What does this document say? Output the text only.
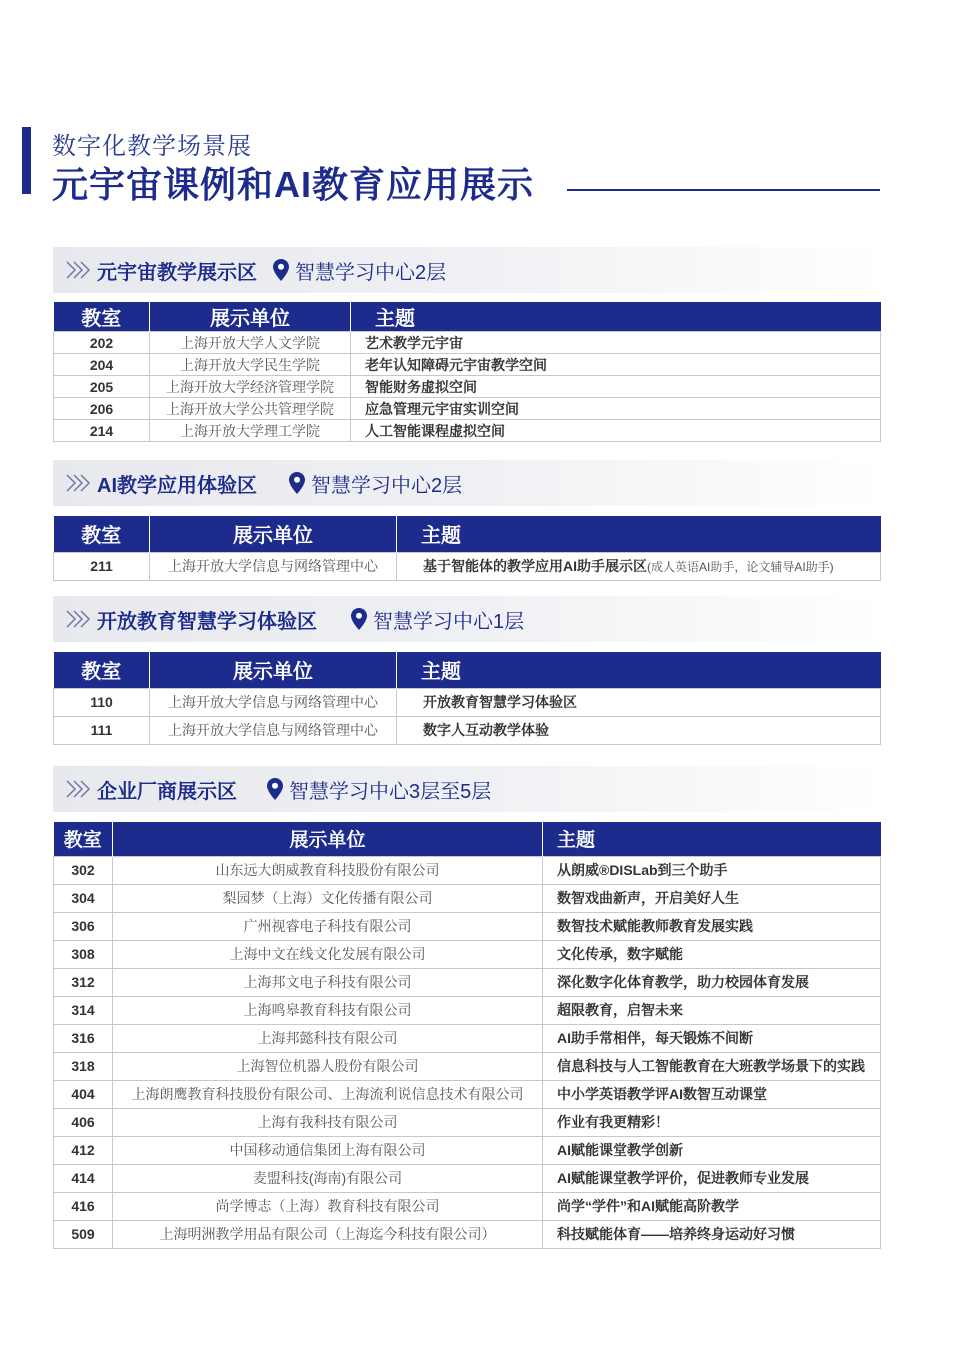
数字化教学场景展
元宇宙课例和AI教育应用展示
元宇宙教学展示区 智慧学习中心2层
教室	展示单位	主题
202	上海开放大学人文学院	艺术教学元宇宙
204	上海开放大学民生学院	老年认知障碍元宇宙教学空间
205	上海开放大学经济管理学院	智能财务虚拟空间
206	上海开放大学公共管理学院	应急管理元宇宙实训空间
214	上海开放大学理工学院	人工智能课程虚拟空间
AI教学应用体验区	智慧学习中心2层
教室	展示单位	主题
211	上海开放大学信息与网络管理中心	基于智能体的教学应用AI助手展示区(成人英语AI助手，论文辅导AI助手)
开放教育智慧学习体验区	智慧学习中心1层
教室	展示单位	主题
110	上海开放大学信息与网络管理中心	开放教育智慧学习体验区
111	上海开放大学信息与网络管理中心	数字人互动教学体验
企业厂商展示区	智慧学习中心3层至5层
教室	展示单位	主题
302	山东远大朗威教育科技股份有限公司	从朗威®DISLab到三个助手
304	梨园梦（上海）文化传播有限公司	数智戏曲新声，开启美好人生
306	广州视睿电子科技有限公司	数智技术赋能教师教育发展实践
308	上海中文在线文化发展有限公司	文化传承，数字赋能
312	上海邦文电子科技有限公司	深化数字化体育教学，助力校园体育发展
314	上海鸣皋教育科技有限公司	超限教育，启智未来
316	上海邦懿科技有限公司	AI助手常相伴，每天锻炼不间断
318	上海智位机器人股份有限公司	信息科技与人工智能教育在大班教学场景下的实践
404	上海朗鹰教育科技股份有限公司、上海流利说信息技术有限公司	中小学英语教学评AI数智互动课堂
406	上海有我科技有限公司	作业有我更精彩！
412	中国移动通信集团上海有限公司	AI赋能课堂教学创新
414	麦盟科技(海南)有限公司	AI赋能课堂教学评价，促进教师专业发展
416	尚学博志（上海）教育科技有限公司	尚学“学件”和AI赋能高阶教学
509	上海明洲教学用品有限公司（上海迄今科技有限公司）	科技赋能体育——培养终身运动好习惯
